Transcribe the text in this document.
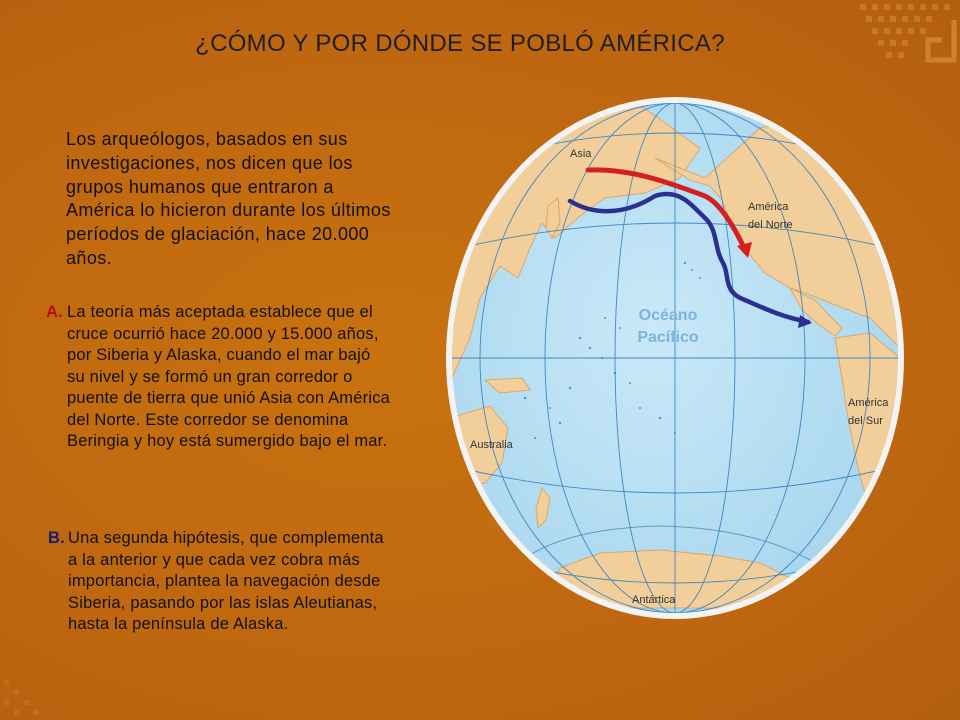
¿CÓMO Y POR DÓNDE SE POBLÓ AMÉRICA?
Los arqueólogos, basados en sus investigaciones, nos dicen que los grupos humanos que entraron a América lo hicieron durante los últimos períodos de glaciación, hace 20.000 años.
A. La teoría más aceptada establece que el cruce ocurrió hace 20.000 y 15.000 años, por Siberia y Alaska, cuando el mar bajó su nivel y se formó un gran corredor o puente de tierra que unió Asia con América del Norte. Este corredor se denomina Beringia y hoy está sumergido bajo el mar.
B. Una segunda hipótesis, que complementa a la anterior y que cada vez cobra más importancia, plantea la navegación desde Siberia, pasando por las islas Aleutianas, hasta la península de Alaska.
Asia
América
del Norte
América
del Sur
Australia
Antártica
Océano
Pacífico
